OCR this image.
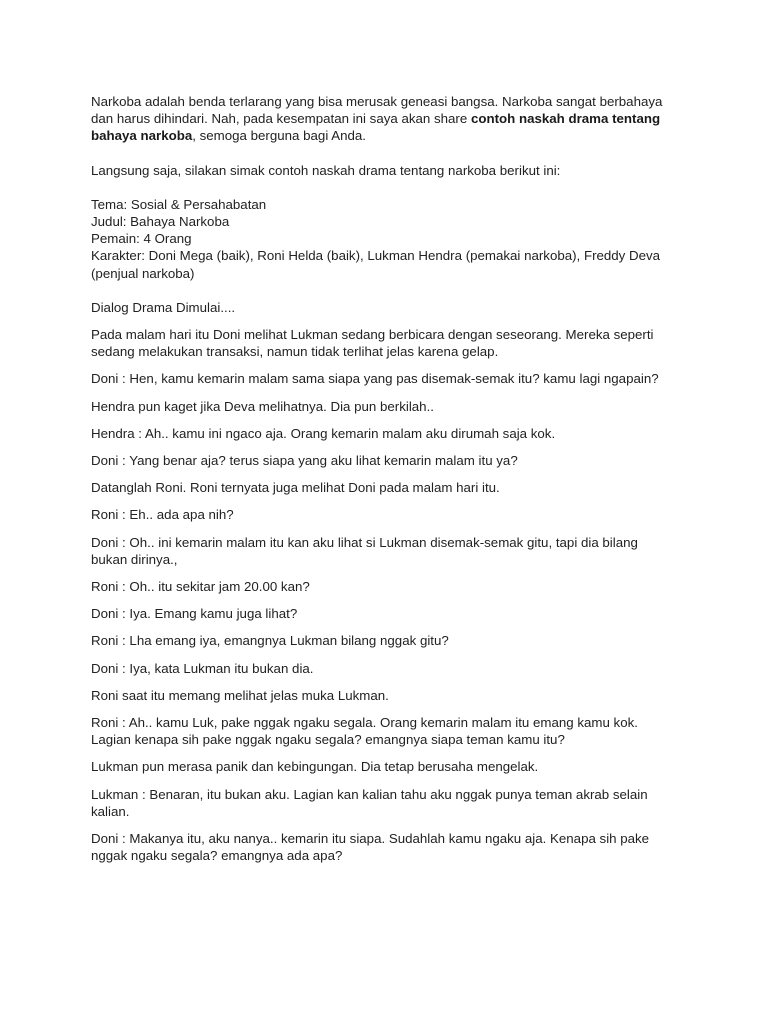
Narkoba adalah benda terlarang yang bisa merusak geneasi bangsa. Narkoba sangat berbahaya dan harus dihindari. Nah, pada kesempatan ini saya akan share contoh naskah drama tentang bahaya narkoba, semoga berguna bagi Anda.

Langsung saja, silakan simak contoh naskah drama tentang narkoba berikut ini:

Tema: Sosial & Persahabatan
Judul: Bahaya Narkoba
Pemain: 4 Orang
Karakter: Doni Mega (baik), Roni Helda (baik), Lukman Hendra (pemakai narkoba), Freddy Deva (penjual narkoba)

Dialog Drama Dimulai....

Pada malam hari itu Doni melihat Lukman sedang berbicara dengan seseorang. Mereka seperti sedang melakukan transaksi, namun tidak terlihat jelas karena gelap.

Doni : Hen, kamu kemarin malam sama siapa yang pas disemak-semak itu? kamu lagi ngapain?

Hendra pun kaget jika Deva melihatnya. Dia pun berkilah..

Hendra : Ah.. kamu ini ngaco aja. Orang kemarin malam aku dirumah saja kok.

Doni : Yang benar aja? terus siapa yang aku lihat kemarin malam itu ya?

Datanglah Roni. Roni ternyata juga melihat Doni pada malam hari itu.

Roni : Eh.. ada apa nih?

Doni : Oh.. ini kemarin malam itu kan aku lihat si Lukman disemak-semak gitu, tapi dia bilang bukan dirinya.,

Roni : Oh.. itu sekitar jam 20.00 kan?

Doni : Iya. Emang kamu juga lihat?

Roni : Lha emang iya, emangnya Lukman bilang nggak gitu?

Doni : Iya, kata Lukman itu bukan dia.

Roni saat itu memang melihat jelas muka Lukman.

Roni : Ah.. kamu Luk, pake nggak ngaku segala. Orang kemarin malam itu emang kamu kok. Lagian kenapa sih pake nggak ngaku segala? emangnya siapa teman kamu itu?

Lukman pun merasa panik dan kebingungan. Dia tetap berusaha mengelak.

Lukman : Benaran, itu bukan aku. Lagian kan kalian tahu aku nggak punya teman akrab selain kalian.

Doni : Makanya itu, aku nanya.. kemarin itu siapa. Sudahlah kamu ngaku aja. Kenapa sih pake nggak ngaku segala? emangnya ada apa?
